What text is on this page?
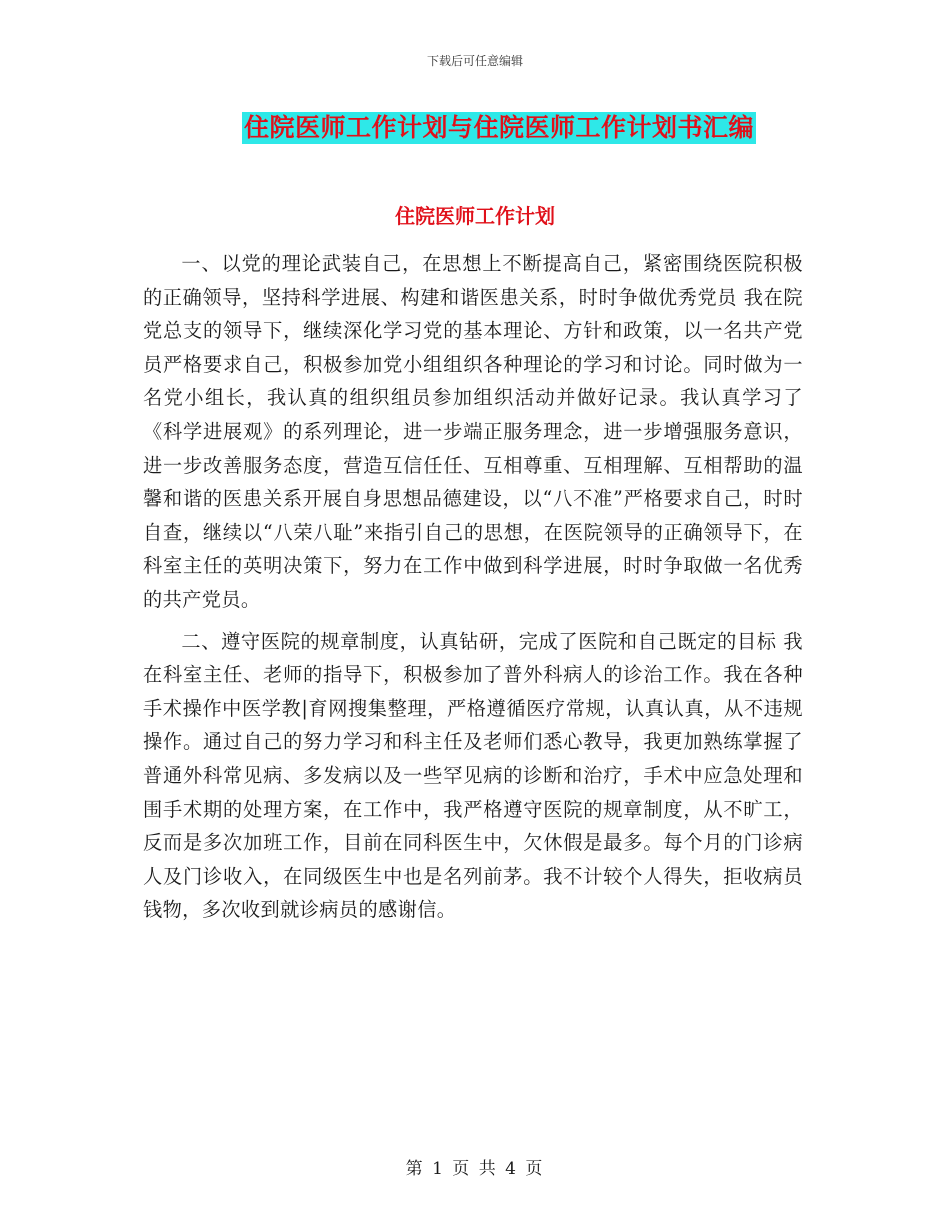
下载后可任意编辑
住院医师工作计划与住院医师工作计划书汇编
住院医师工作计划

一、以党的理论武装自己，在思想上不断提高自己，紧密围绕医院积极的正确领导，坚持科学进展、构建和谐医患关系，时时争做优秀党员 我在院党总支的领导下，继续深化学习党的基本理论、方针和政策，以一名共产党员严格要求自己，积极参加党小组组织各种理论的学习和讨论。同时做为一名党小组长，我认真的组织组员参加组织活动并做好记录。我认真学习了《科学进展观》的系列理论，进一步端正服务理念，进一步增强服务意识，进一步改善服务态度，营造互信任任、互相尊重、互相理解、互相帮助的温馨和谐的医患关系开展自身思想品德建设，以“八不准”严格要求自己，时时自查，继续以“八荣八耻”来指引自己的思想，在医院领导的正确领导下，在科室主任的英明决策下，努力在工作中做到科学进展，时时争取做一名优秀的共产党员。

二、遵守医院的规章制度，认真钻研，完成了医院和自己既定的目标 我在科室主任、老师的指导下，积极参加了普外科病人的诊治工作。我在各种手术操作中医学教|育网搜集整理，严格遵循医疗常规，认真认真，从不违规操作。通过自己的努力学习和科主任及老师们悉心教导，我更加熟练掌握了普通外科常见病、多发病以及一些罕见病的诊断和治疗，手术中应急处理和围手术期的处理方案，在工作中，我严格遵守医院的规章制度，从不旷工，反而是多次加班工作，目前在同科医生中，欠休假是最多。每个月的门诊病人及门诊收入，在同级医生中也是名列前茅。我不计较个人得失，拒收病员钱物，多次收到就诊病员的感谢信。

第 1 页 共 4 页
